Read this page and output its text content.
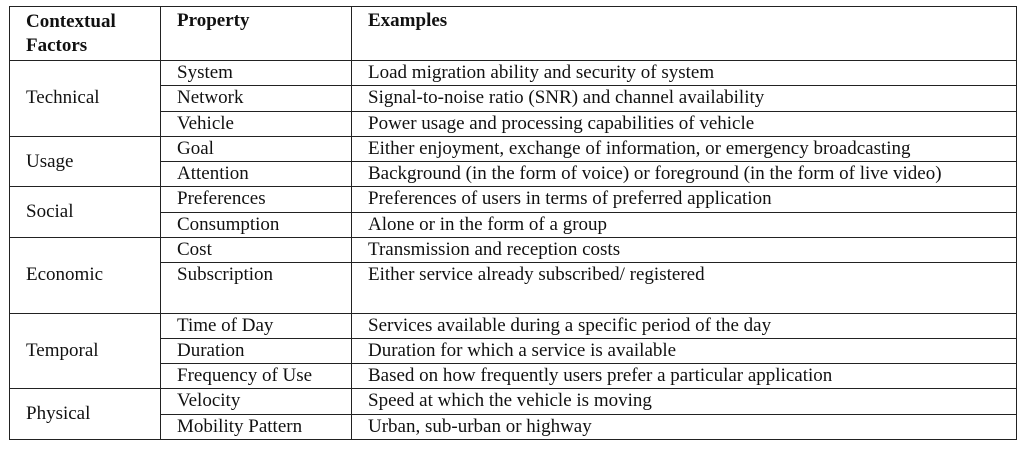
Contextual Factors	Property	Examples
Technical	System	Load migration ability and security of system
	Network	Signal-to-noise ratio (SNR) and channel availability
	Vehicle	Power usage and processing capabilities of vehicle
Usage	Goal	Either enjoyment, exchange of information, or emergency broadcasting
	Attention	Background (in the form of voice) or foreground (in the form of live video)
Social	Preferences	Preferences of users in terms of preferred application
	Consumption	Alone or in the form of a group
Economic	Cost	Transmission and reception costs
	Subscription	Either service already subscribed/ registered
Temporal	Time of Day	Services available during a specific period of the day
	Duration	Duration for which a service is available
	Frequency of Use	Based on how frequently users prefer a particular application
Physical	Velocity	Speed at which the vehicle is moving
	Mobility Pattern	Urban, sub-urban or highway
